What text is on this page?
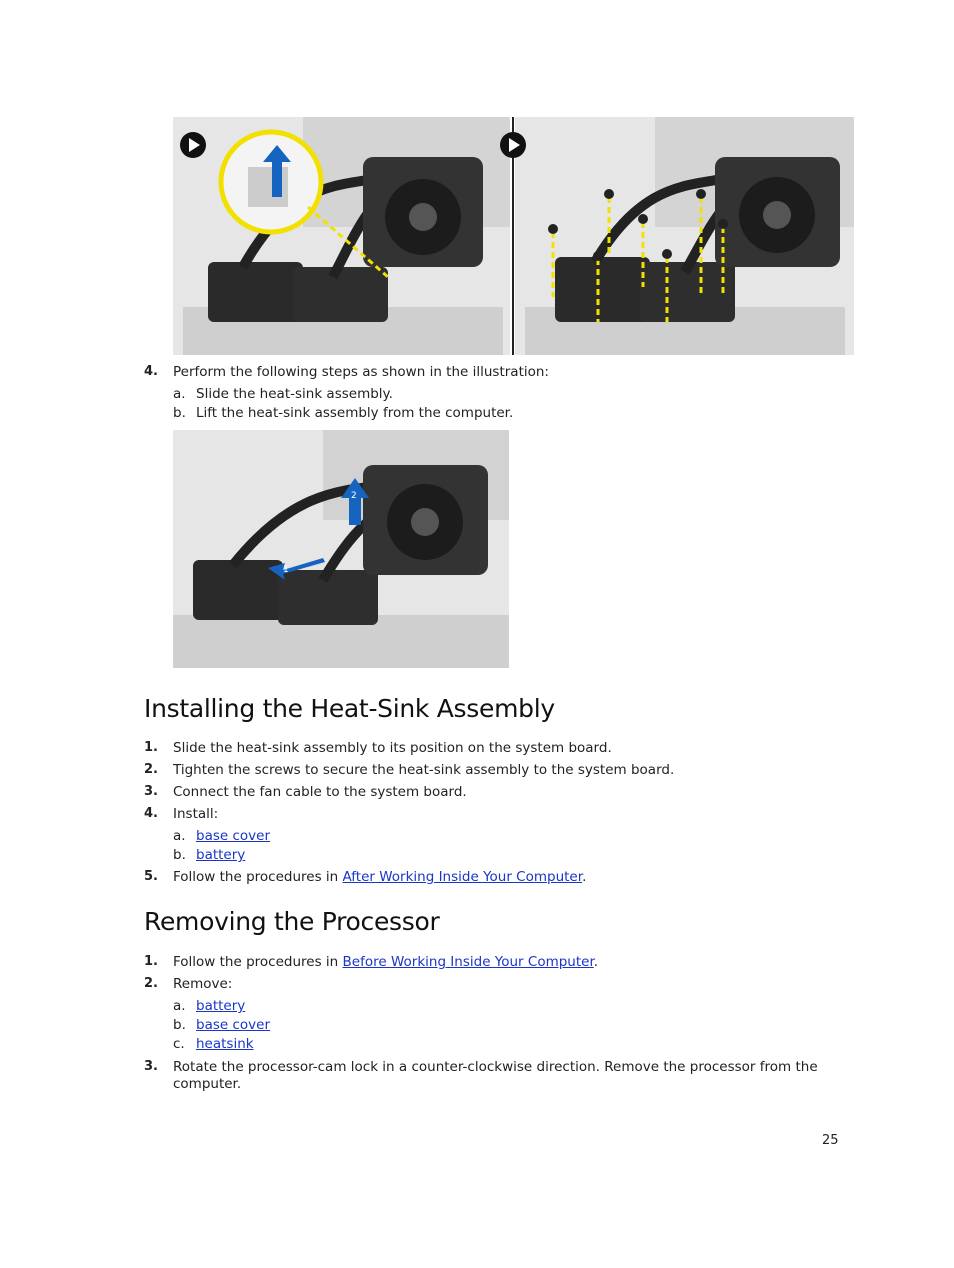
4. Perform the following steps as shown in the illustration:
a. Slide the heat-sink assembly.
b. Lift the heat-sink assembly from the computer.
1
2
Installing the Heat-Sink Assembly
1. Slide the heat-sink assembly to its position on the system board.
2. Tighten the screws to secure the heat-sink assembly to the system board.
3. Connect the fan cable to the system board.
4. Install:
a. base cover
b. battery
5. Follow the procedures in After Working Inside Your Computer.
Removing the Processor
1. Follow the procedures in Before Working Inside Your Computer.
2. Remove:
a. battery
b. base cover
c. heatsink
3. Rotate the processor-cam lock in a counter-clockwise direction. Remove the processor from the
computer.
25
